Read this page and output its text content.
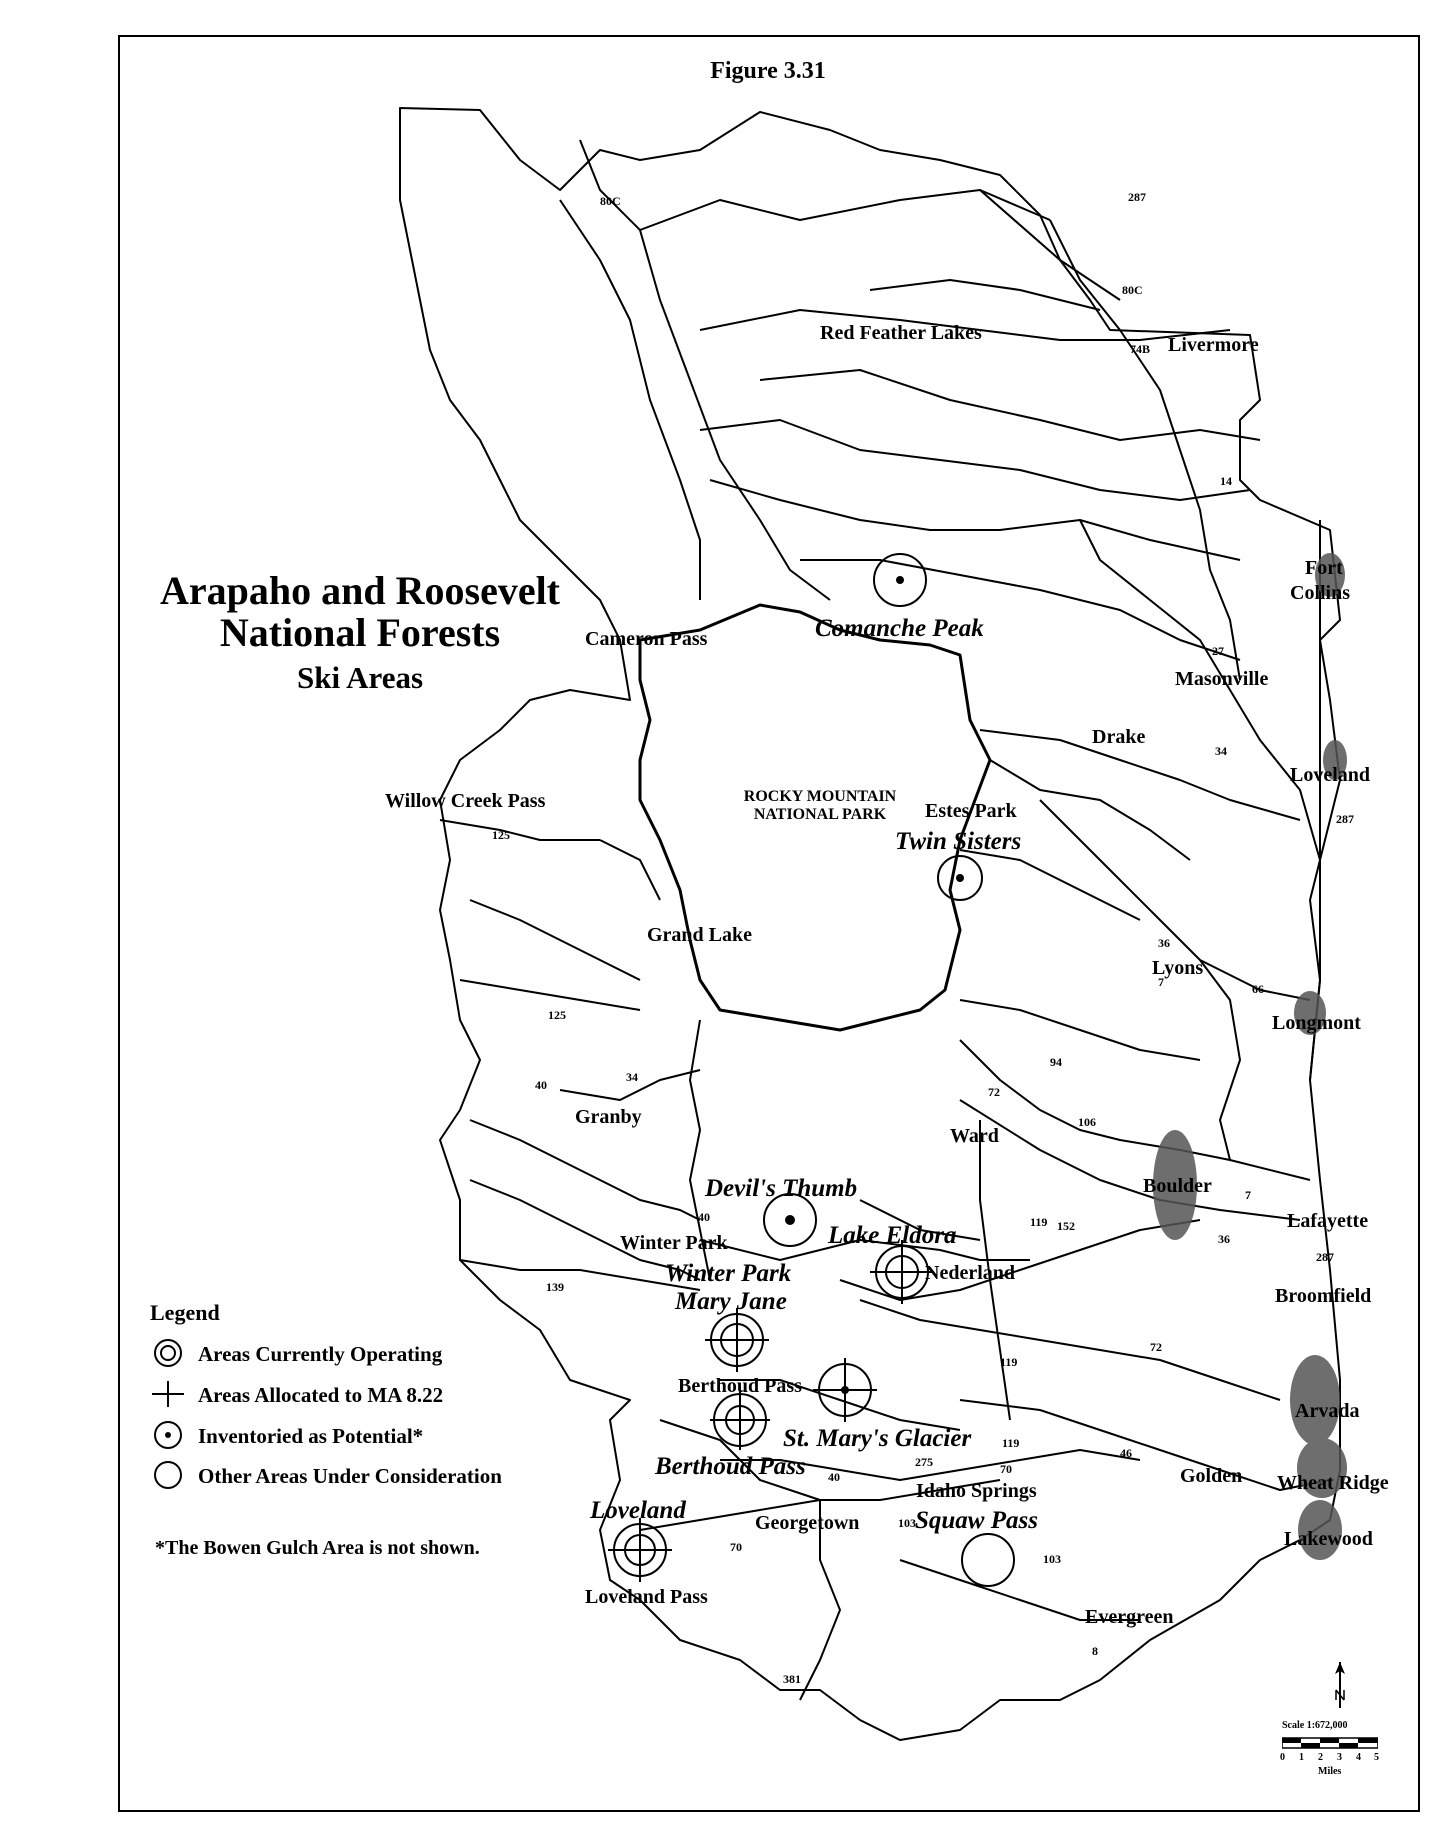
Figure 3.31
Arapaho and Roosevelt
National Forests
Ski Areas
ROCKY MOUNTAIN
NATIONAL PARK
Red Feather Lakes
Livermore
Fort
Collins
Cameron Pass
Masonville
Drake
Loveland
Willow Creek Pass	Estes Park
Grand Lake
Lyons
Longmont
Granby
Ward
Boulder
Lafayette
Broomfield
Winter Park
Nederland
Berthoud Pass
Golden
Arvada
Wheat Ridge
Lakewood
Idaho Springs
Georgetown
Loveland Pass
Evergreen
Comanche Peak
Twin Sisters
Devil's Thumb
Lake Eldora
Winter Park
Mary Jane
St. Mary's Glacier
Berthoud Pass
Loveland	Squaw Pass
80C	287
80C
74B
14
27
34
287
125
36
66
7
125
34
40	72
94
106
7
36
287
119 152
40
139
119
72
119
46
70
275
40
103
70
103
381
8
Legend
Areas Currently Operating
Areas Allocated to MA 8.22
Inventoried as Potential*
Other Areas Under Consideration
*The Bowen Gulch Area is not shown.
Scale 1:672,000
0 1 2 3 4 5
Miles
